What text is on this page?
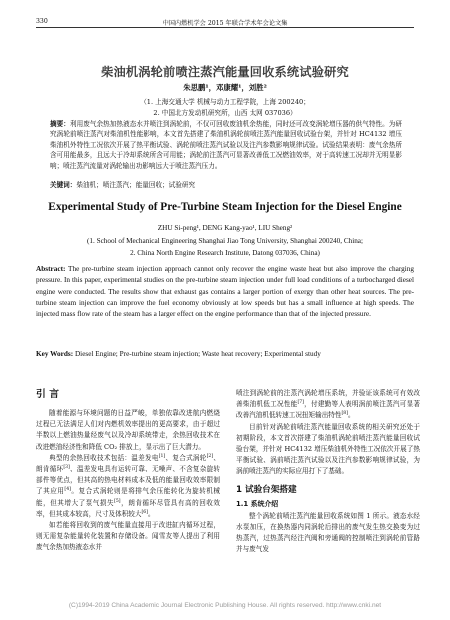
330	中国内燃机学会 2015 年联合学术年会论文集
柴油机涡轮前喷注蒸汽能量回收系统试验研究
朱思鹏¹，邓康耀¹，刘胜²
（1. 上海交通大学 机械与动力工程学院，上海 200240；
2. 中国北方发动机研究所，山西 太网 037036）
摘要：利用废气余热加热液态水并喷注到涡轮前，不仅可回收废油机余热能，同时还可改变涡轮增压器的供气特性。为研究涡轮前喷注蒸汽对柴油机性能影响，本文首先搭建了柴油机涡轮前喷注蒸汽能量回收试验台架，并针对 HC4132 增压柴油机外特性工况依次开展了热平衡试验、涡轮前喷注蒸汽试验以及注汽参数影响规律试验。试验结果表明：废气余热所含可用能最多，且远大于冷却系统所含可用能；涡轮前注蒸汽可显著改善低工况燃油效率，对于高转速工况却并无明显影响；喷注蒸汽流量对涡轮输出功影响远大于喷注蒸汽压力。
关键词：柴油机；喷注蒸汽；能量回收；试验研究
Experimental Study of Pre-Turbine Steam Injection for the Diesel Engine
ZHU Si-peng¹, DENG Kang-yao¹, LIU Sheng²
(1. School of Mechanical Engineering Shanghai Jiao Tong University, Shanghai 200240, China;
2. China North Engine Research Institute, Datong 037036, China)
Abstract: The pre-turbine steam injection approach cannot only recover the engine waste heat but also improve the charging pressure. In this paper, experimental studies on the pre-turbine steam injection under full load conditions of a turbocharged diesel engine were conducted. The results show that exhaust gas contains a larger portion of exergy than other heat sources. The pre-turbine steam injection can improve the fuel economy obviously at low speeds but has a small influence at high speeds. The injected mass flow rate of the steam has a larger effect on the engine performance than that of the injected pressure.
Key Words: Diesel Engine; Pre-turbine steam injection; Waste heat recovery; Experimental study
引 言

随着能源与环境问题的日益严峻，单独依靠改进航内燃烧过程已无法满足人们对内燃机效率提出的更高要求，由于超过半数以上燃油热量经废气以及冷却系统带走，余热回收技术在改进燃油经济性和降低 CO₂ 排放上，显示出了巨大潜力。

典型的余热回收技术包括：温差发电[1]、复合式涡轮[2]、朗肯循环[3]、温差发电具有运转可靠、无噪声、不含复杂旋转部件等优点，但其高的热电材料成本及低的能量回收效率限制了其应用[4]。复合式涡轮则是将排气余压能转化为旋转机械能，但其增大了泵气损失[5]，朗肯循环尽管具有高的回收效率，但其成本较高，尺寸及体积较大[6]。

如若能将回收到的废气能量直接用于改进缸内循环过程，则无需复杂能量转化装置和存储设备。闻雪友等人提出了利用废气余热加热液态水并

喷注到涡轮前的注蒸汽涡轮增压系统，并验证该系统可有效改善柴油机低工况性能[7]，付建勤等人表明涡前喷注蒸汽可显著改善汽油机低转速工况扭矩输出特性[8]。

目前针对涡轮前喷注蒸汽能量回收系统的相关研究还处于初期阶段，本文首次搭建了柴油机涡轮前喷注蒸汽能量回收试验台架，并针对 HC4132 增压柴油机外特性工况依次开展了热平衡试验、涡前喷注蒸汽试验以及注汽参数影响规律试验，为涡前喷注蒸汽的实际应用打下了基础。

1 试验台架搭建
1.1 系统介绍

整个涡轮前喷注蒸汽能量回收系统如图 1 所示。液态水经水泵加压，在换热器内同涡轮后排出的废气发生热交换变为过热蒸汽，过热蒸汽经注汽阀和旁通阀的控制喷注到涡轮前管路并与废气发

(C)1994-2019 China Academic Journal Electronic Publishing House. All rights reserved. http://www.cnki.net
